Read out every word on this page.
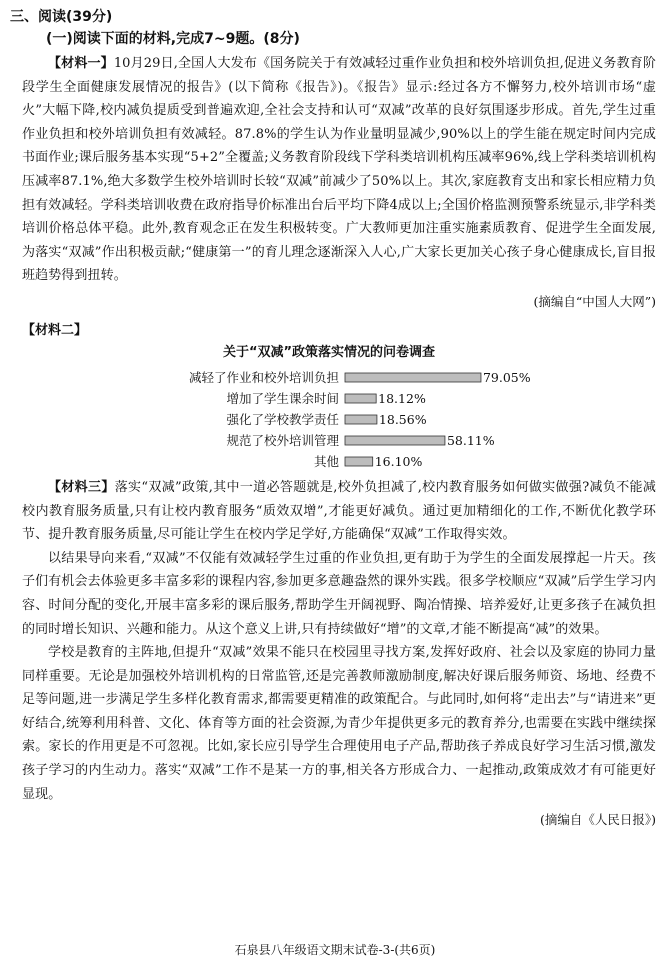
三、阅读(39分)
(一)阅读下面的材料,完成7~9题。(8分)

【材料一】10月29日,全国人大发布《国务院关于有效减轻过重作业负担和校外培训负担,促进义务教育阶段学生全面健康发展情况的报告》(以下简称《报告》)。《报告》显示:经过各方不懈努力,校外培训市场“虚火”大幅下降,校内减负提质受到普遍欢迎,全社会支持和认可“双减”改革的良好氛围逐步形成。首先,学生过重作业负担和校外培训负担有效减轻。87.8%的学生认为作业量明显减少,90%以上的学生能在规定时间内完成书面作业;课后服务基本实现“5+2”全覆盖;义务教育阶段线下学科类培训机构压减率96%,线上学科类培训机构压减率87.1%,绝大多数学生校外培训时长较“双减”前减少了50%以上。其次,家庭教育支出和家长相应精力负担有效减轻。学科类培训收费在政府指导价标准出台后平均下降4成以上;全国价格监测预警系统显示,非学科类培训价格总体平稳。此外,教育观念正在发生积极转变。广大教师更加注重实施素质教育、促进学生全面发展,为落实“双减”作出积极贡献;“健康第一”的育儿理念逐渐深入人心,广大家长更加关心孩子身心健康成长,盲目报班趋势得到扭转。

(摘编自“中国人大网”)
【材料二】
关于“双减”政策落实情况的问卷调查
减轻了作业和校外培训负担	79.05%
增加了学生课余时间	18.12%
强化了学校教学责任	18.56%
规范了校外培训管理	58.11%
其他	16.10%

【材料三】落实“双减”政策,其中一道必答题就是,校外负担减了,校内教育服务如何做实做强?减负不能减校内教育服务质量,只有让校内教育服务“质效双增”,才能更好减负。通过更加精细化的工作,不断优化教学环节、提升教育服务质量,尽可能让学生在校内学足学好,方能确保“双减”工作取得实效。

以结果导向来看,“双减”不仅能有效减轻学生过重的作业负担,更有助于为学生的全面发展撑起一片天。孩子们有机会去体验更多丰富多彩的课程内容,参加更多意趣盎然的课外实践。很多学校顺应“双减”后学生学习内容、时间分配的变化,开展丰富多彩的课后服务,帮助学生开阔视野、陶冶情操、培养爱好,让更多孩子在减负担的同时增长知识、兴趣和能力。从这个意义上讲,只有持续做好“增”的文章,才能不断提高“减”的效果。

学校是教育的主阵地,但提升“双减”效果不能只在校园里寻找方案,发挥好政府、社会以及家庭的协同力量同样重要。无论是加强校外培训机构的日常监管,还是完善教师激励制度,解决好课后服务师资、场地、经费不足等问题,进一步满足学生多样化教育需求,都需要更精准的政策配合。与此同时,如何将“走出去”与“请进来”更好结合,统筹利用科普、文化、体育等方面的社会资源,为青少年提供更多元的教育养分,也需要在实践中继续探索。家长的作用更是不可忽视。比如,家长应引导学生合理使用电子产品,帮助孩子养成良好学习生活习惯,激发孩子学习的内生动力。落实“双减”工作不是某一方的事,相关各方形成合力、一起推动,政策成效才有可能更好显现。

(摘编自《人民日报》)
石泉县八年级语文期末试卷-3-(共6页)
